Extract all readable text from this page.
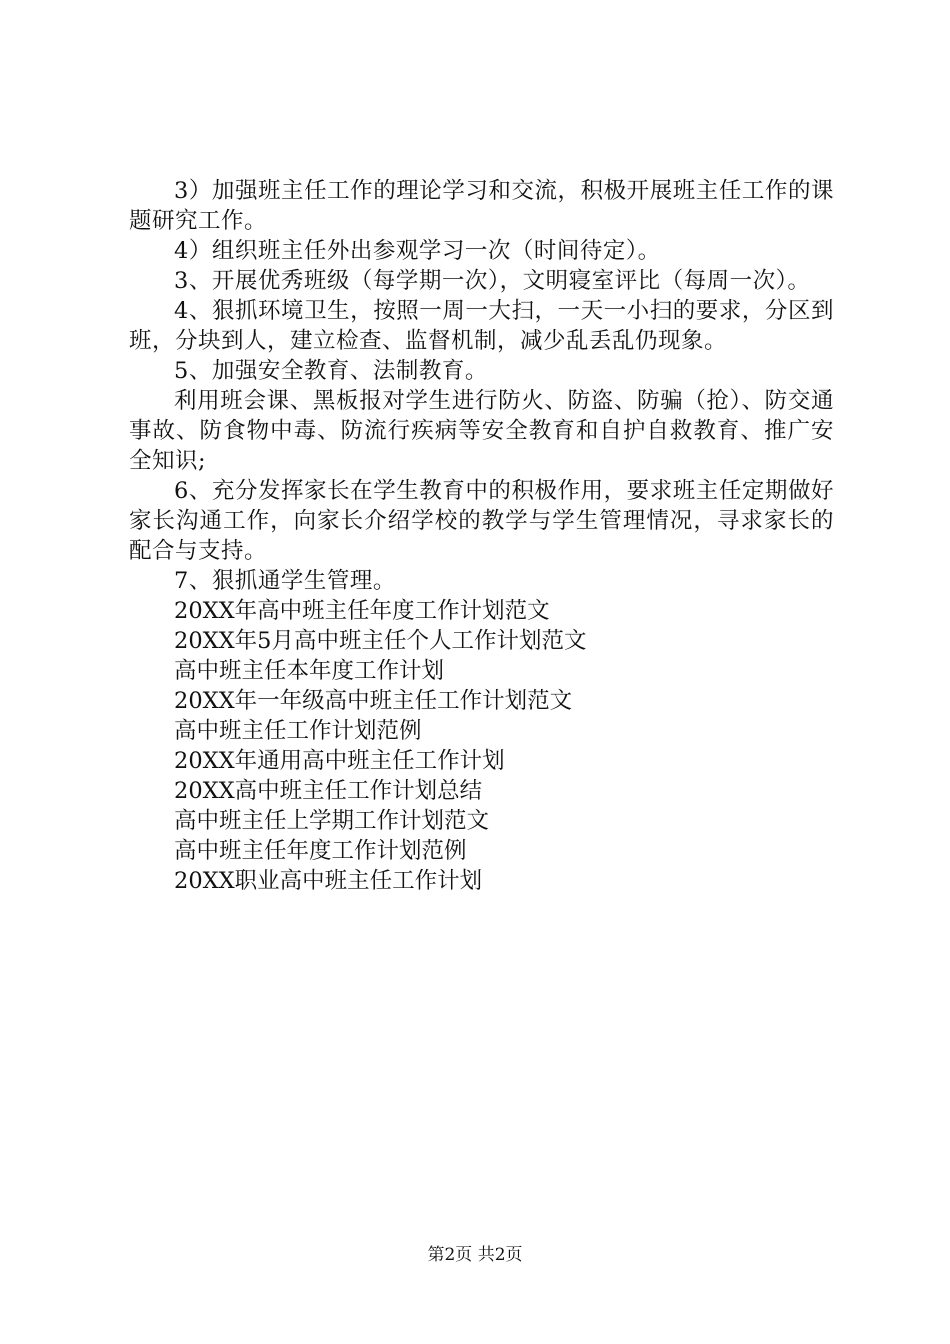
3）加强班主任工作的理论学习和交流，积极开展班主任工作的课题研究工作。

4）组织班主任外出参观学习一次（时间待定）。

3、开展优秀班级（每学期一次），文明寝室评比（每周一次）。

4、狠抓环境卫生，按照一周一大扫，一天一小扫的要求，分区到班，分块到人，建立检查、监督机制，减少乱丢乱仍现象。

5、加强安全教育、法制教育。

利用班会课、黑板报对学生进行防火、防盗、防骗（抢）、防交通事故、防食物中毒、防流行疾病等安全教育和自护自救教育、推广安全知识;

6、充分发挥家长在学生教育中的积极作用，要求班主任定期做好家长沟通工作，向家长介绍学校的教学与学生管理情况，寻求家长的配合与支持。

7、狠抓通学生管理。

20XX年高中班主任年度工作计划范文

20XX年5月高中班主任个人工作计划范文

高中班主任本年度工作计划

20XX年一年级高中班主任工作计划范文

高中班主任工作计划范例

20XX年通用高中班主任工作计划

20XX高中班主任工作计划总结

高中班主任上学期工作计划范文

高中班主任年度工作计划范例

20XX职业高中班主任工作计划

第2页 共2页
